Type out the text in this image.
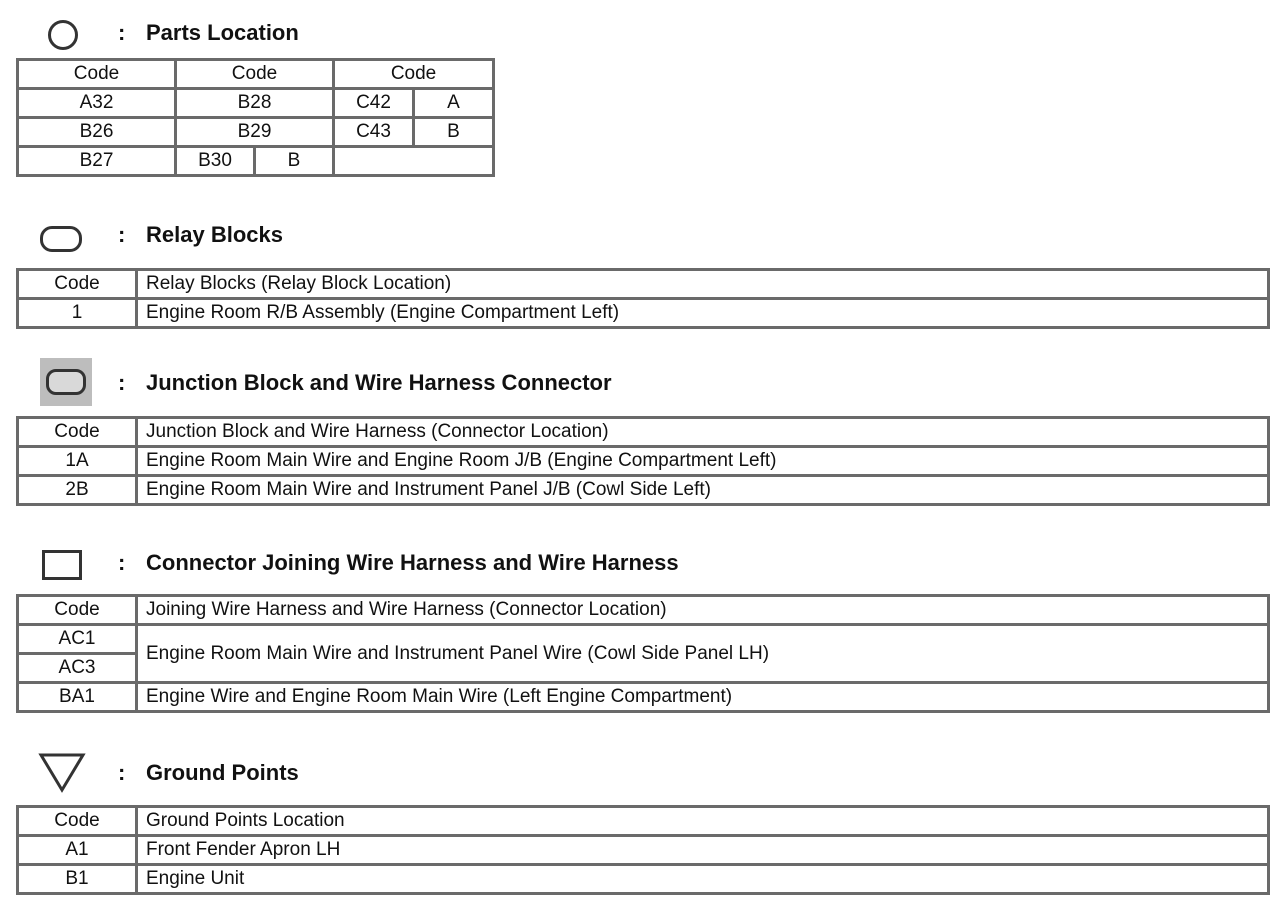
: Parts Location
Code	Code		Code	
A32	B28		C42	A
B26	B29		C43	B
B27	B30	B		
: Relay Blocks
Code	Relay Blocks (Relay Block Location)
1	Engine Room R/B Assembly (Engine Compartment Left)
: Junction Block and Wire Harness Connector
Code	Junction Block and Wire Harness (Connector Location)
1A	Engine Room Main Wire and Engine Room J/B (Engine Compartment Left)
2B	Engine Room Main Wire and Instrument Panel J/B (Cowl Side Left)
: Connector Joining Wire Harness and Wire Harness
Code	Joining Wire Harness and Wire Harness (Connector Location)
AC1	Engine Room Main Wire and Instrument Panel Wire (Cowl Side Panel LH)
AC3	
BA1	Engine Wire and Engine Room Main Wire (Left Engine Compartment)
: Ground Points
Code	Ground Points Location
A1	Front Fender Apron LH
B1	Engine Unit
